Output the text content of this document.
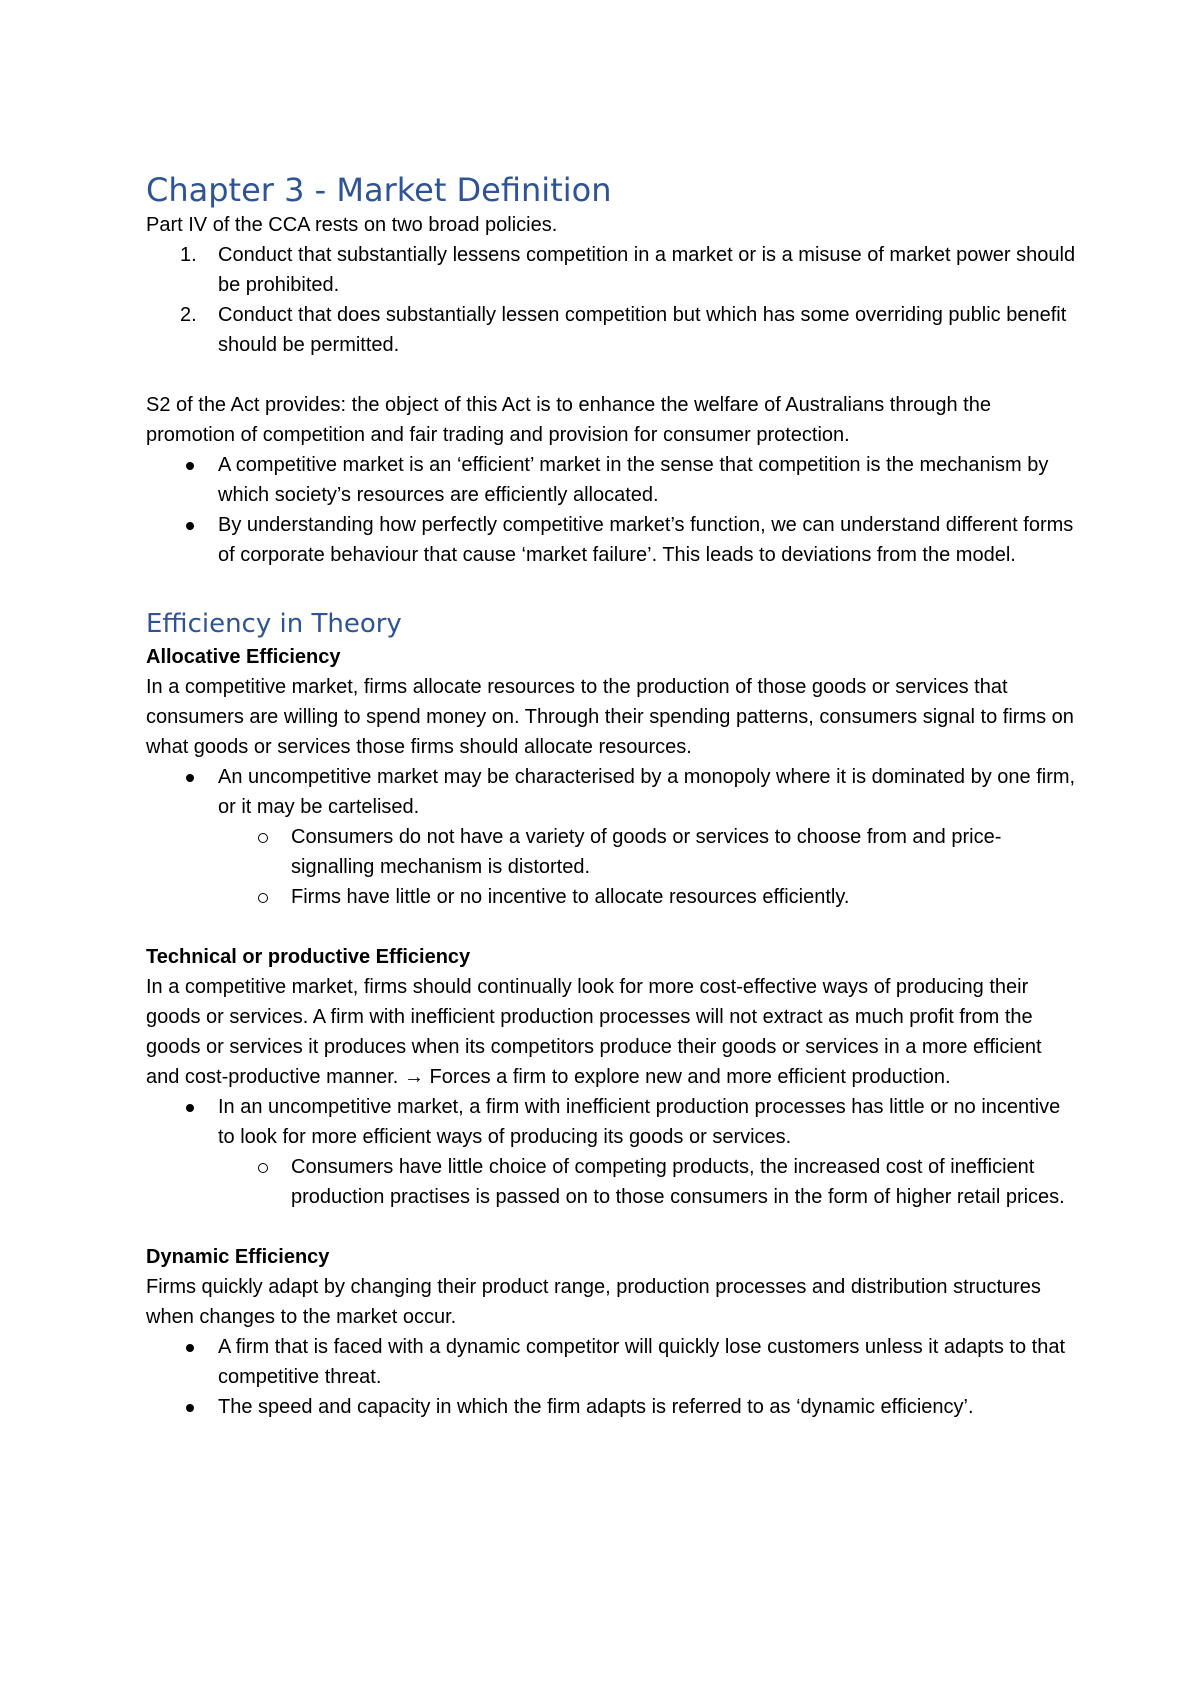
Chapter 3 - Market Definition

Part IV of the CCA rests on two broad policies.

1.	Conduct that substantially lessens competition in a market or is a misuse of market power should be prohibited.
2.	Conduct that does substantially lessen competition but which has some overriding public benefit should be permitted.

S2 of the Act provides: the object of this Act is to enhance the welfare of Australians through the promotion of competition and fair trading and provision for consumer protection.

A competitive market is an ‘efficient’ market in the sense that competition is the mechanism by which society’s resources are efficiently allocated.
By understanding how perfectly competitive market’s function, we can understand different forms of corporate behaviour that cause ‘market failure’. This leads to deviations from the model.
Efficiency in Theory
Allocative Efficiency

In a competitive market, firms allocate resources to the production of those goods or services that consumers are willing to spend money on. Through their spending patterns, consumers signal to firms on what goods or services those firms should allocate resources.

An uncompetitive market may be characterised by a monopoly where it is dominated by one firm, or it may be cartelised.
Consumers do not have a variety of goods or services to choose from and price-signalling mechanism is distorted.
Firms have little or no incentive to allocate resources efficiently.
Technical or productive Efficiency

In a competitive market, firms should continually look for more cost-effective ways of producing their goods or services. A firm with inefficient production processes will not extract as much profit from the goods or services it produces when its competitors produce their goods or services in a more efficient and cost-productive manner. → Forces a firm to explore new and more efficient production.

In an uncompetitive market, a firm with inefficient production processes has little or no incentive to look for more efficient ways of producing its goods or services.
Consumers have little choice of competing products, the increased cost of inefficient production practises is passed on to those consumers in the form of higher retail prices.
Dynamic Efficiency

Firms quickly adapt by changing their product range, production processes and distribution structures when changes to the market occur.

A firm that is faced with a dynamic competitor will quickly lose customers unless it adapts to that competitive threat.
The speed and capacity in which the firm adapts is referred to as ‘dynamic efficiency’.
